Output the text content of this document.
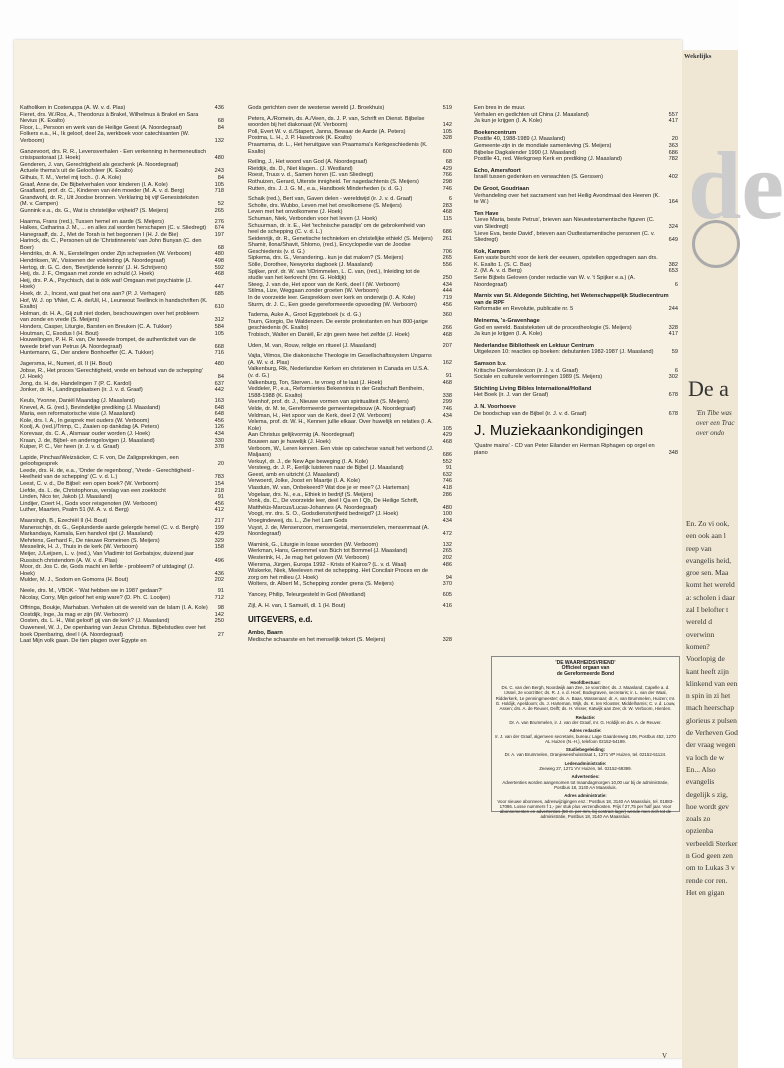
Katholiken in Costeruppa (A. W. v. d. Plas)	436
Fieret, drs. W./Ros, A., Theodorus à Brakel, Wilhelmus à Brakel en Sara Nevius (K. Exalto)	68
Floor, L., Persoon en werk van de Heilige Geest (A. Noordegraaf)	84
Folkers e.a., H., Ik geloof, deel 2a, werkboek voor catechisanten (W. Verboom)	132
Ganzevoort, drs. R. R., Levensverhalen - Een verkenning in hermeneutisch crisispastoraat (J. Hoek)	480
Genderen, J. van, Gerechtigheid als geschenk (A. Noordegraaf)
Actuele thema's uit de Geloofsleer (K. Exalto)	243
Gilhuis, T. M., Vertel mij toch.. (I. A. Kole)	84
Graaf, Anne de, De Bijbelverhalen voor kinderen (I. A. Kole)	105
Graafland, prof. dr. C., Kinderen van één moeder (M. A. v. d. Berg)	718
Grandwohl, dr. R., Uit Joodse bronnen. Verklaring bij vijf Genesisteksten (M. v. Campen)	52
Gunnink e.a., ds. G., Wat is christelijke vrijheid? (S. Meijers)	265
Haarma, Frans (red.), Tussen hemel en aarde (S. Meijers)	276
Halkes, Catharina J. M., ... en alles zal worden herschapen (C. v. Sliedregt) 674
Hanegraaff, ds. J., Met de Torah is het begonnen I (H. J. de Bie)	197
Harinck, ds. C., Personen uit de 'Christinnereis' van John Bunyan (C. den Boer)	68
Hendriks, dr. A. N., Eerstelingen onder Zijn schepselen (W. Verboom)	480
Hendriksen, W., Visioenen der voleinding (A. Noordegraaf)	498
Hertog, dr. G. C. den, 'Bevrijdende kennis' (J. H. Schrijvers)	592
Heij, ds. J. F., Omgaan met zonde en schuld (J. Hoek)	468
Heij, drs. P. A., Psychisch, dat is óók wat! Omgaan met psychiatrie (J. Hoek)	447
Hoek, dr. J., Incest, wat gaat het ons aan? (P. J. Verhagen)	685
Hof, W. J. op 't/Niet, C. A. de/Uil, H., Leunwout Teellinck in handschriften (K. Exalto)	610
Holman, dr. H. A., Gij zult niet doden, beschouwingen over het probleem van zonde en vrede (S. Meijers)	312
Honders, Casper, Liturgie, Barsten en Breuken (C. A. Tukker)	584
Houtman, C, Exodus I (H. Bout)	105
Houwelingen, P. H. R. van, De tweede trompet, de authenticiteit van de tweede brief van Petrus (A. Noordegraaf)	668
Huntemann, G., Der andere Bonhoeffer (C. A. Tukker)	716
Jagersma, H., Numeri, dl. II (H. Bout)	480
Jobse, R., Het proces 'Gerechtigheid, vrede en behoud van de schepping' (J. Hoek)	84
Jong, ds. H. de, Handelingen 7 (P. C. Kardol)	637
Jonker, dr. H., Landingsplaatsen (ir. J. v. d. Graaf)	442
Keuls, Yvonne, Daniël Maandag (J. Maasland)	163
Knevel, A. G. (red.), Bevindelijke prediking (J. Maasland)	648
Maria, een reformatorische visie (J. Maasland)	648
Kole, drs. I. A., In gesprek met ouders (W. Verboom)	456
Koolj, A. (red.)/Trimp, C., Zaaien op dankdag (A. Peters)	126
Korevaar, ds. C. A., Alsmaar ouder worden (J. Hoek)	434
Kraan, J. de, Bijbel- en andersgelovigen (J. Maasland)	330
Kuiper, P. C., Ver heen (ir. J. v. d. Graaf)	378
Lapide, Pinchas/Weizsäcker, C. F. von, De Zaligsprekingen, een geloofsgesprek	20
Leede, drs. H. de, e.a., 'Onder de regenboog', 'Vrede - Gerechtigheid - Heelheid van de schepping' (C. v. d. L.)	783
Leest, C. v. d., De Bijbel: een open boek? (W. Verboom)	154
Liefde, ds. L. de, Christophorus, verslag van een zoektocht	218
Linden, Nico ter, Jakob (J. Maasland)	91
Lindijer, Coert H., Gods voor reisgenoten (W. Verboom)	456
Luther, Maarten, Psalm 51 (M. A. v. d. Berg)	412
Maarsingh, B., Ezechiël II (H. Bout)	217
Manenschijn, dr. G., Geplunderde aarde gelergde hemel (C. v. d. Bergh)	199
Markandaya, Kamala, Een handvol rijst (J. Maasland)	429
Mehrtens, Gerhard F., De nieuwe Romeinen (S. Meijers)	329
Messelink, H. J., Thuis in de kerk (W. Verboom)	158
Meijer, J./Leijsen, L. v. (red.), Van Vladimir tot Gorbatsjov, duizend jaar Russisch christendom (A. W. v. d. Plas)	496
Moor, dr. Jos C. de, Gods macht en liefde - probleem? of uitdaging! (J. Hoek)	436
Mulder, M. J., Sodom en Gomorra (H. Bout)	202
Neele, drs. M., VBOK - 'Wat hebben we in 1987 gedaan?'	91
Nicolay, Corry, Mijn geloof het enig ware? (D. Ph. C. Looijen)	712
Offringa, Boukje, Marhaban. Verhalen uit de wereld van de Islam (I. A. Kole) 98
Oostdijk, Inge, Ja mag er zijn (W. Verboom)	142
Oosten, ds. L. H., Wat geloof! gij van de kerk? (J. Maasland)	250
Ouweneel, W. J., De openbaring van Jezus Christus. Bijbelstudies over het boek Openbaring, deel I (A. Noordegraaf)	27
Laat Mijn volk gaan. De tien plagen over Egypte en
Gods gerichten over de westerse wereld (J. Broekhuis)	519
Peters, A./Romein, ds. A./Veen, ds. J. P. van, Schrift en Dienst. Bijbelse woorden bij het diakonaat (W. Verboom)	142
Poll, Evert W. v. d./Stapert, Janna, Bewaar de Aarde (A. Peters)	105
Postma, L. H., J. P. Hasebroek (K. Exalto)	328
Praamsma, dr. L., Het heruitgave van Praamsma's Kerkgeschiedenis (K. Exalto)	600
Reiling, J., Het woord van God (A. Noordegraaf)	68
Rietdijk, ds. D., Niet klagen.. (J. Westland)	429
Roest, Truus v. d., Samen horen (C. van Sliedregt)	766
Rothuizen, Gerard, Uiterste innigheid. Ter nagedachtenis (S. Meijers)	298
Rutten, drs. J. J. G. M., e.a., Handboek Minderheden (v. d. G.)	746
Schaik (red.), Bert van, Gaven delen - wereldwijd (ir. J. v. d. Graaf)	6
Scholte, drs. Wubbo, Leven met het onvolkomene (S. Meijers)	283
Leven met het onvolkomene (J. Hoek)	468
Schuman, Niek, Verbonden voor het leven (J. Hoek)	115
Schuurman, dr. ir. E., Het 'technische paradijs' om de gebrokenheid van heel de schepping (C. v. d. L.)	686
Seidenrijk, dr. R., Genetische technieken en christelijke ethiek! (S. Meijers) 261
Shamir, Ilona/Shavit, Shlomo, (red.), Encyclopedie van de Joodse Geschiedenis (v. d. G.)	706
Sipkema, drs. G., Verandering.. kun je dat maken? (S. Meijers)	265
Sölle, Dorothee, Newyorks dagboek (J. Maasland)	556
Spijker, prof. dr. W. van 't/Drimmelen, L. C. van, (red.), Inleiding tot de studie van het kerkrecht (mr. G. Holdijk)	250
Steeg, J. van de, Het spoor van de Kerk, deel I (W. Verboom)	434
Stilma, Lize, Weggaan zonder groeten (W. Verboom)	444
In de voorzeide leer. Gesprekken over kerk en onderwijs (I. A. Kole)	719
Sturm, dr. J. C., Een goede gereformeerde opvoeding (W. Verboom)	456
Tadema, Auke A., Groot Egypteboek (v. d. G.)	360
Tourn, Giorgio, De Waldenzen. De eerste protestanten en hun 800-jarige geschiedenis (K. Exalto)	266
Trobisch, Walter en Daniël, Er zijn geen twee het zelfde (J. Hoek)	468
Uden, M. van, Rouw, religie en ritueel (J. Maasland)	207
Vajta, Vilmos, Die diakonische Theologie im Gesellschaftssystem Ungarns (A. W. v. d. Plas)	162
Valkenburg, Rik, Nederlandse Kerken en christenen in Canada en U.S.A. (v. d. G.)	91
Valkenburg, Ton, Sterven.. te vroeg of te laat (J. Hoek)	468
Veddeler, P., e.a., Reformiertes Bekenntnis in der Grafschaft Bentheim, 1588-1988 (K. Exalto)	338
Veenhof, prof. dr. J., Nieuwe vormen van spiritualiteit (S. Meijers)	299
Velde, dr. M. te, Gereformeerde gemeentegebouw (A. Noordegraaf)	746
Veldman, H., Het spoor van de Kerk, deel 2 (W. Verboom)	434
Velema, prof. dr. W. H., Kennen jullie elkaar. Over huwelijk en relaties (I. A. Kole)	105
Aan Christus gelijkvormig (A. Noordegraaf)	429
Bouwen aan je huwelijk (J. Hoek)	468
Verboom, W., Leren kennen. Een visie op catechese vanuit het verbond (J. Maljaars)	686
Verkuyl, dr. J., de New Age beweging (I. A. Kole)	552
Versteeg, dr. J. P., Eerlijk luisteren naar de Bijbel (J. Maasland)	91
Geest, amb en uitzicht (J. Maasland)	632
Verwoerd, Jolke, Joost en Maartje (I. A. Kole)	746
Vlasduin, W. van, Onbekeerd? Wat doe je er mee? (J. Harteman)	418
Vogelaar, drs. N., e.a., Ethiek in bedrijf (S. Meijers)	286
Vonk, ds. C., De voorzeide leer, deel I Qa en I Qb, De Heilige Schrift, Matthéüs-Marcus/Lucas-Johannes (A. Noordegraaf)	480
Voogt, mr. drs. S. O., Godsdienstvrijheid bedreigd? (J. Hoek)	100
Vroegindeweij, ds. L., Zie het Lam Gods	434
Vuyst, J. de, Mensenzoon, mensengetal, mensenzielen, mensenmaat (A. Noordegraaf)	472
Warnink, G., Liturgie in losse woorden (W. Verboom)	132
Werkman, Hans, Gerommel van Büch tot Bommel (J. Maasland)	265
Westerink, H., Je mag het geloven (W. Verboom)	202
Wiersma, Jürgen, Europa 1992 - Krisis of Kairos? (L. v. d. Waal)	486
Wiskerke, Niek, Meeleven met de schepping. Het Concilair Proces en de zorg om het milieu (J. Hoek)	94
Wolters, dr. Albert M., Schepping zonder grens (S. Meijers)	370
Yancey, Philip, Teleurgesteld in God (Westland)	605
Zijl, A. H. van, 1 Samuël, dl. 1 (H. Bout)	416
UITGEVERS, e.d.
Ambo, Baarn
Medische schaarste en het menselijk tekort (S. Meijers)	328
Een bres in de muur.
Verhalen en gedichten uit China (J. Maasland)	557
Ja kun je krijgen (I. A. Kole)	417
Boekencentrum
Postille 40, 1988-1989 (J. Maasland)	20
Gemeente-zijn in de mondiale samenleving (S. Meijers)	363
Bijbelse Dagkalender 1990 (J. Maasland)	686
Postille 41, red. Werkgroep Kerk en prediking (J. Maasland)	782
Echo, Amersfoort
Israël tussen gedenken en verwachten (S. Gerssen)	402
De Groot, Goudriaan
Verhandeling over het sacrament van het Heilig Avondmaal des Heeren (K. te W.)	164
Ten Have
'Lieve Maria, beste Petrus', brieven aan Nieuwtestamentische figuren (C. van Sliedregt)	324
'Lieve Eva, beste David', brieven aan Oudtestamentische personen (C. v. Sliedregt)	649
Kok, Kampen
Een vaste burcht voor de kerk der eeuwen, opstellen opgedragen aan drs. K. Exalto 1. (S. C. Bax)	382
2. (M. A. v. d. Berg)	653
Serie Bijbels Geloven (onder redactie van W. v. 't Spijker e.a.) (A. Noordegraaf)	6
Marnix van St. Aldegonde Stichting, het Wetenschappelijk Studiecentrum van de RPF
Reformatie en Revolutie, publicatie nr. 5	244
Meinema, 's-Gravenhage
God en wereld. Basisteksten uit de procestheologie (S. Meijers)	328
Ja kun je krijgen (I. A. Kole)	417
Nederlandse Bibliotheek en Lektuur Centrum
Uitgelezen 10: reacties op boeken: debutanten 1982-1987 (J. Maasland)	59
Samson b.v.
Kritische Denkerslexicon (ir. J. v. d. Graaf)	6
Sociale en culturele verkenningen 1989 (S. Meijers)	302
Stichting Living Bibles International/Holland
Het Boek (ir. J. van der Graaf)	678
J. N. Voorhoeve
De boodschap van de Bijbel (ir. J. v. d. Graaf)	678
J. Muziekaankondigingen
'Quatre mains' - CD van Peter Eilander en Herman Riphagen op orgel en piano	348
'DE WAARHEIDSVRIEND'
Officieel orgaan van
de Gereformeerde Bond
Hoofdbestuur:
Ds. C. van den Bergh, Noordwijk aan Zee, 1e voorzitter; ds. J. Maasland, Capelle a. d. IJssel, 2e voorzitter; ds. R. J. v. d. Hoef, Bodegraven, secretaris; ir. L. van der Waal, Ridderkerk, 1e penningmeester; ds. A. Baas, Wassenaar; dr. A. van Brummelen, Huizen; mr. G. Holdijk, Apeldoorn; ds. J. Harteman, Wijk, ds. K. ten Klooster, Middelharnis; C. v. d. Louw, Assen; drs. A. de Reuver, Delft; ds. H. Visser, Katwijk aan Zee; dr. W. Verboom, Hierden.
Redactie:
Dr. A. van Brummelen, ir. J. van der Graaf, mr. G. Holdijk en drs. A. de Reuver.
Adres redactie:
Ir. J. van der Graaf, algemeen secretaris, bureau: Lage Gaardenweg 106, Postbus 452, 1270 AL Huizen (N.-H.), telefoon 02152-54199.
Studiebegeleiding:
Dr. A. van Brummelen, Oranjeweeshuisstraat 1, 1271 VP Huizen, tel. 02152-51124.
Ledenadministratie:
Zeeweg 27, 1271 VV Huizen, tel. 02152-69399.
Advertenties:
Advertenties worden aangenomen tot maandagmorgen 10,00 uur bij de administratie, Postbus 18, 3140 AA Maassluis.
Adres administratie:
Voor nieuwe abonnees, adreswijzigingen enz.: Postbus 18, 3140 AA Maassluis, tel. 01883-17086. Losse nummers f 1,- per stuk plus verzendkosten. Prijs f 27,75 per half jaar. Voor abonnementen en advertenties (50 ct. per mm, bij contract lager) wende men zich tot de administratie, Postbus 18, 3140 AA Maassluis.
V
Wekelijks
de
De a
'En Tibe was over een Trac over ondo
En. Zo vi ook, een ook aan l reep van evangelis heid, groe sen. Maa komt het wereld a: scholen i daar zal I belofter t wereld d overwinn komen? Voorlopig de kant heeft zijn klinkend van een n spin in zi het mach heerschap glorieus z pulsen de Verheven God der vraag wegen va loch de w En... Also evangelis degelijk s zig, hoe wordt gev zoals zo opzienba verbeeldi Sterker n God geen zen om to Lukas 3 v rende cor ren. Het en gigan
